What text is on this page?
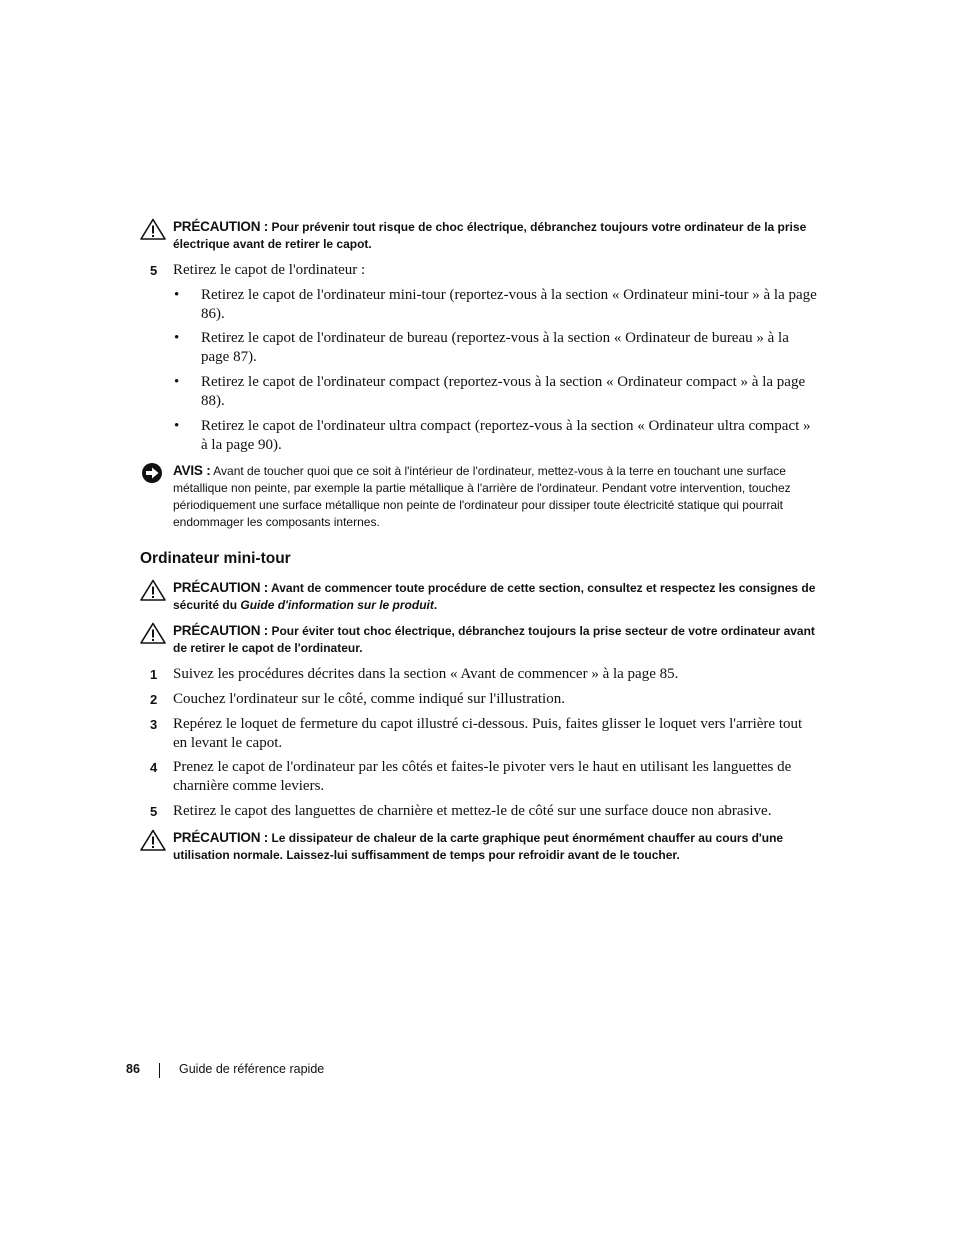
PRÉCAUTION : Pour prévenir tout risque de choc électrique, débranchez toujours votre ordinateur de la prise électrique avant de retirer le capot.
5 Retirez le capot de l'ordinateur :
• Retirez le capot de l'ordinateur mini-tour (reportez-vous à la section « Ordinateur mini-tour » à la page 86).
• Retirez le capot de l'ordinateur de bureau (reportez-vous à la section « Ordinateur de bureau » à la page 87).
• Retirez le capot de l'ordinateur compact (reportez-vous à la section « Ordinateur compact » à la page 88).
• Retirez le capot de l'ordinateur ultra compact (reportez-vous à la section « Ordinateur ultra compact » à la page 90).
AVIS : Avant de toucher quoi que ce soit à l'intérieur de l'ordinateur, mettez-vous à la terre en touchant une surface métallique non peinte, par exemple la partie métallique à l'arrière de l'ordinateur. Pendant votre intervention, touchez périodiquement une surface métallique non peinte de l'ordinateur pour dissiper toute électricité statique qui pourrait endommager les composants internes.
Ordinateur mini-tour
PRÉCAUTION : Avant de commencer toute procédure de cette section, consultez et respectez les consignes de sécurité du Guide d'information sur le produit.
PRÉCAUTION : Pour éviter tout choc électrique, débranchez toujours la prise secteur de votre ordinateur avant de retirer le capot de l'ordinateur.
1 Suivez les procédures décrites dans la section « Avant de commencer » à la page 85.
2 Couchez l'ordinateur sur le côté, comme indiqué sur l'illustration.
3 Repérez le loquet de fermeture du capot illustré ci-dessous. Puis, faites glisser le loquet vers l'arrière tout en levant le capot.
4 Prenez le capot de l'ordinateur par les côtés et faites-le pivoter vers le haut en utilisant les languettes de charnière comme leviers.
5 Retirez le capot des languettes de charnière et mettez-le de côté sur une surface douce non abrasive.
PRÉCAUTION : Le dissipateur de chaleur de la carte graphique peut énormément chauffer au cours d'une utilisation normale. Laissez-lui suffisamment de temps pour refroidir avant de le toucher.
86	Guide de référence rapide
